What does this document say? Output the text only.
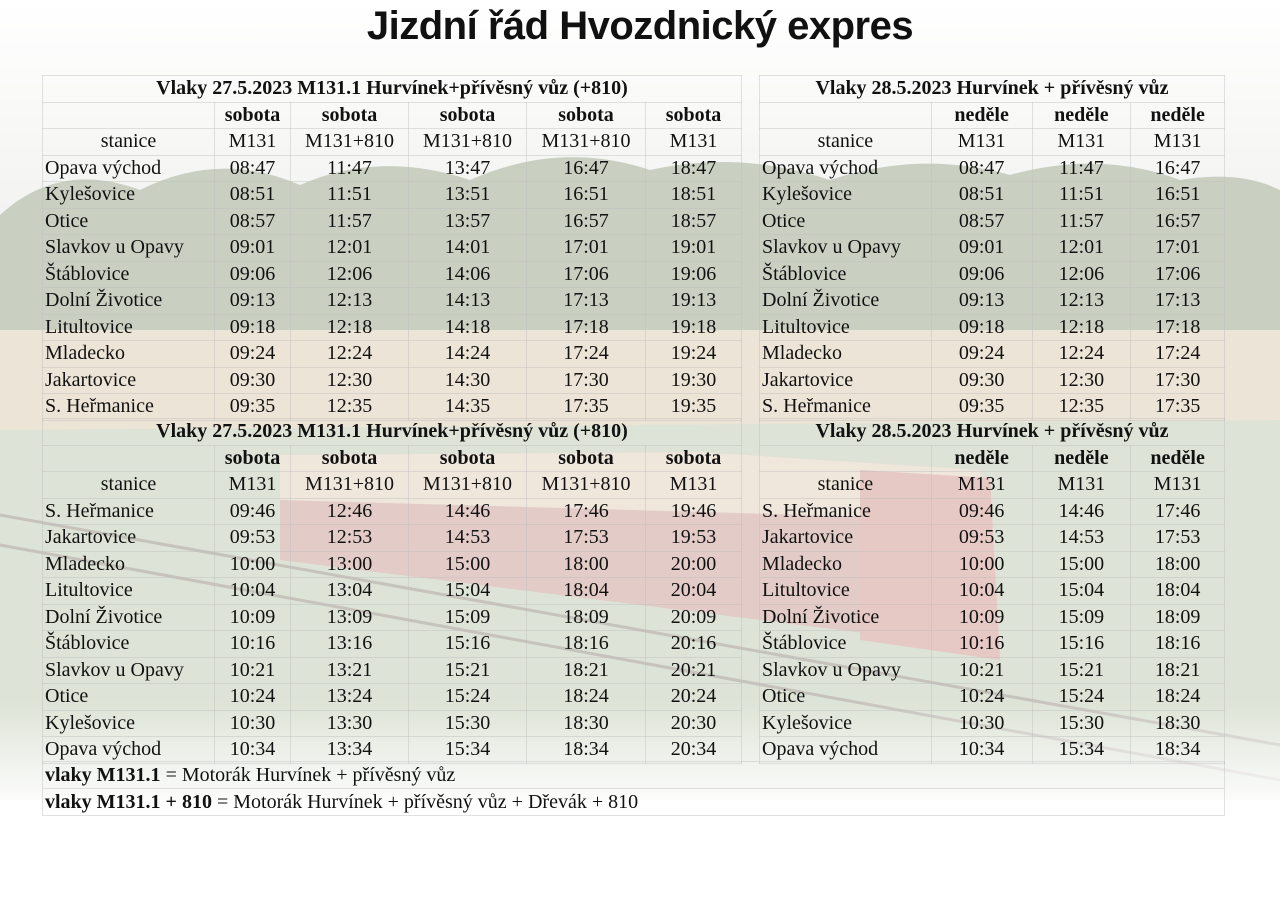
Jizdní řád Hvozdnický expres
Vlaky 27.5.2023 M131.1 Hurvínek+přívěsný vůz (+810)					
	sobota	sobota	sobota	sobota	sobota
stanice	M131	M131+810	M131+810	M131+810	M131
Opava východ	08:47	11:47	13:47	16:47	18:47
Kylešovice	08:51	11:51	13:51	16:51	18:51
Otice	08:57	11:57	13:57	16:57	18:57
Slavkov u Opavy	09:01	12:01	14:01	17:01	19:01
Štáblovice	09:06	12:06	14:06	17:06	19:06
Dolní Životice	09:13	12:13	14:13	17:13	19:13
Litultovice	09:18	12:18	14:18	17:18	19:18
Mladecko	09:24	12:24	14:24	17:24	19:24
Jakartovice	09:30	12:30	14:30	17:30	19:30
S. Heřmanice	09:35	12:35	14:35	17:35	19:35
Vlaky 28.5.2023 Hurvínek + přívěsný vůz			
	neděle	neděle	neděle
stanice	M131	M131	M131
Opava východ	08:47	11:47	16:47
Kylešovice	08:51	11:51	16:51
Otice	08:57	11:57	16:57
Slavkov u Opavy	09:01	12:01	17:01
Štáblovice	09:06	12:06	17:06
Dolní Životice	09:13	12:13	17:13
Litultovice	09:18	12:18	17:18
Mladecko	09:24	12:24	17:24
Jakartovice	09:30	12:30	17:30
S. Heřmanice	09:35	12:35	17:35
Vlaky 27.5.2023 M131.1 Hurvínek+přívěsný vůz (+810)					
	sobota	sobota	sobota	sobota	sobota
stanice	M131	M131+810	M131+810	M131+810	M131
S. Heřmanice	09:46	12:46	14:46	17:46	19:46
Jakartovice	09:53	12:53	14:53	17:53	19:53
Mladecko	10:00	13:00	15:00	18:00	20:00
Litultovice	10:04	13:04	15:04	18:04	20:04
Dolní Životice	10:09	13:09	15:09	18:09	20:09
Štáblovice	10:16	13:16	15:16	18:16	20:16
Slavkov u Opavy	10:21	13:21	15:21	18:21	20:21
Otice	10:24	13:24	15:24	18:24	20:24
Kylešovice	10:30	13:30	15:30	18:30	20:30
Opava východ	10:34	13:34	15:34	18:34	20:34
Vlaky 28.5.2023 Hurvínek + přívěsný vůz			
	neděle	neděle	neděle
stanice	M131	M131	M131
S. Heřmanice	09:46	14:46	17:46
Jakartovice	09:53	14:53	17:53
Mladecko	10:00	15:00	18:00
Litultovice	10:04	15:04	18:04
Dolní Životice	10:09	15:09	18:09
Štáblovice	10:16	15:16	18:16
Slavkov u Opavy	10:21	15:21	18:21
Otice	10:24	15:24	18:24
Kylešovice	10:30	15:30	18:30
Opava východ	10:34	15:34	18:34
vlaky M131.1 = Motorák Hurvínek + přívěsný vůz
vlaky M131.1 + 810 = Motorák Hurvínek + přívěsný vůz + Dřevák + 810
